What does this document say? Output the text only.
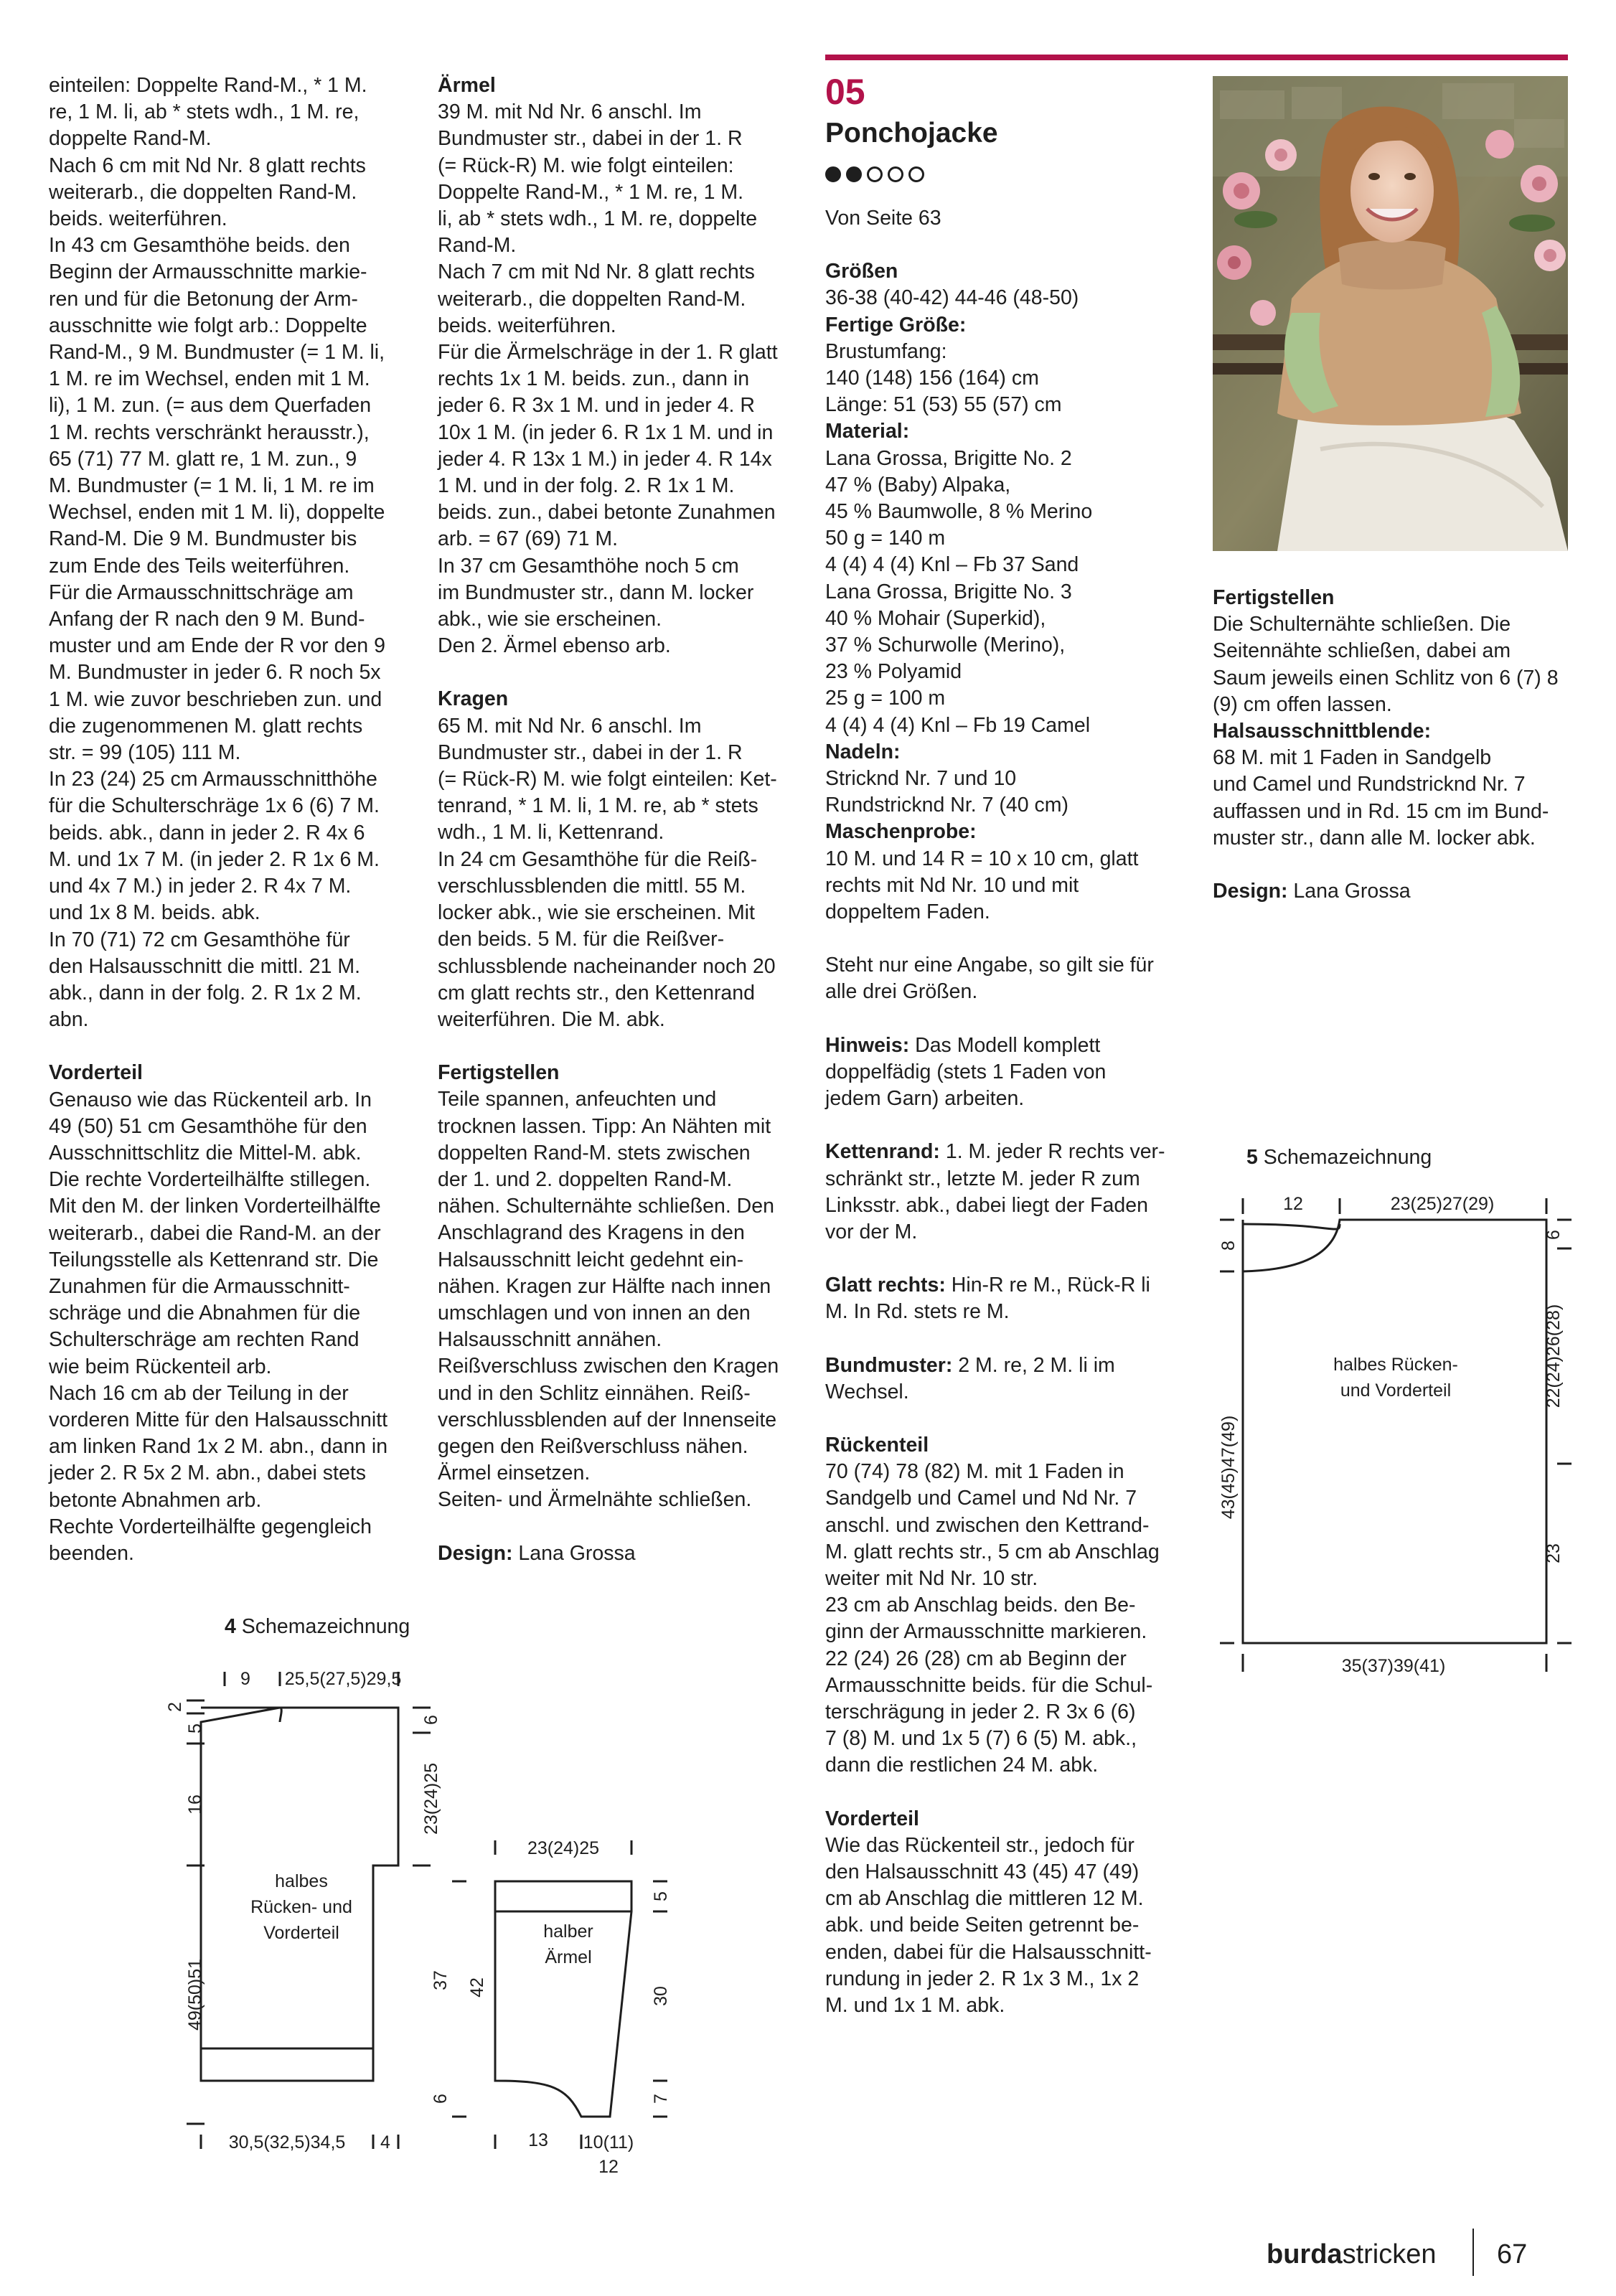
einteilen: Doppelte Rand-M., * 1 M.

re, 1 M. li, ab * stets wdh., 1 M. re,

doppelte Rand-M.

Nach 6 cm mit Nd Nr. 8 glatt rechts

weiterarb., die doppelten Rand-M.

beids. weiterführen.

In 43 cm Gesamthöhe beids. den

Beginn der Armausschnitte markie-

ren und für die Betonung der Arm-

ausschnitte wie folgt arb.: Doppelte

Rand-M., 9 M. Bundmuster (= 1 M. li,

1 M. re im Wechsel, enden mit 1 M.

li), 1 M. zun. (= aus dem Querfaden

1 M. rechts verschränkt herausstr.),

65 (71) 77 M. glatt re, 1 M. zun., 9

M. Bundmuster (= 1 M. li, 1 M. re im

Wechsel, enden mit 1 M. li), doppelte

Rand-M. Die 9 M. Bundmuster bis

zum Ende des Teils weiterführen.

Für die Armausschnittschräge am

Anfang der R nach den 9 M. Bund-

muster und am Ende der R vor den 9

M. Bundmuster in jeder 6. R noch 5x

1 M. wie zuvor beschrieben zun. und

die zugenommenen M. glatt rechts

str. = 99 (105) 111 M.

In 23 (24) 25 cm Armausschnitthöhe

für die Schulterschräge 1x 6 (6) 7 M.

beids. abk., dann in jeder 2. R 4x 6

M. und 1x 7 M. (in jeder 2. R 1x 6 M.

und 4x 7 M.) in jeder 2. R 4x 7 M.

und 1x 8 M. beids. abk.

In 70 (71) 72 cm Gesamthöhe für

den Halsausschnitt die mittl. 21 M.

abk., dann in der folg. 2. R 1x 2 M.

abn.

Vorderteil

Genauso wie das Rückenteil arb. In

49 (50) 51 cm Gesamthöhe für den

Ausschnittschlitz die Mittel-M. abk.

Die rechte Vorderteilhälfte stillegen.

Mit den M. der linken Vorderteilhälfte

weiterarb., dabei die Rand-M. an der

Teilungsstelle als Kettenrand str. Die

Zunahmen für die Armausschnitt-

schräge und die Abnahmen für die

Schulterschräge am rechten Rand

wie beim Rückenteil arb.

Nach 16 cm ab der Teilung in der

vorderen Mitte für den Halsausschnitt

am linken Rand 1x 2 M. abn., dann in

jeder 2. R 5x 2 M. abn., dabei stets

betonte Abnahmen arb.

Rechte Vorderteilhälfte gegengleich

beenden.

Ärmel

39 M. mit Nd Nr. 6 anschl. Im

Bundmuster str., dabei in der 1. R

(= Rück-R) M. wie folgt einteilen:

Doppelte Rand-M., * 1 M. re, 1 M.

li, ab * stets wdh., 1 M. re, doppelte

Rand-M.

Nach 7 cm mit Nd Nr. 8 glatt rechts

weiterarb., die doppelten Rand-M.

beids. weiterführen.

Für die Ärmelschräge in der 1. R glatt

rechts 1x 1 M. beids. zun., dann in

jeder 6. R 3x 1 M. und in jeder 4. R

10x 1 M. (in jeder 6. R 1x 1 M. und in

jeder 4. R 13x 1 M.) in jeder 4. R 14x

1 M. und in der folg. 2. R 1x 1 M.

beids. zun., dabei betonte Zunahmen

arb. = 67 (69) 71 M.

In 37 cm Gesamthöhe noch 5 cm

im Bundmuster str., dann M. locker

abk., wie sie erscheinen.

Den 2. Ärmel ebenso arb.

Kragen

65 M. mit Nd Nr. 6 anschl. Im

Bundmuster str., dabei in der 1. R

(= Rück-R) M. wie folgt einteilen: Ket-

tenrand, * 1 M. li, 1 M. re, ab * stets

wdh., 1 M. li, Kettenrand.

In 24 cm Gesamthöhe für die Reiß-

verschlussblenden die mittl. 55 M.

locker abk., wie sie erscheinen. Mit

den beids. 5 M. für die Reißver-

schlussblende nacheinander noch 20

cm glatt rechts str., den Kettenrand

weiterführen. Die M. abk.

Fertigstellen

Teile spannen, anfeuchten und

trocknen lassen. Tipp: An Nähten mit

doppelten Rand-M. stets zwischen

der 1. und 2. doppelten Rand-M.

nähen. Schulternähte schließen. Den

Anschlagrand des Kragens in den

Halsausschnitt leicht gedehnt ein-

nähen. Kragen zur Hälfte nach innen

umschlagen und von innen an den

Halsausschnitt annähen.

Reißverschluss zwischen den Kragen

und in den Schlitz einnähen. Reiß-

verschlussblenden auf der Innenseite

gegen den Reißverschluss nähen.

Ärmel einsetzen.

Seiten- und Ärmelnähte schließen.

Design: Lana Grossa

05
Ponchojacke

Von Seite 63

Größen

36-38 (40-42) 44-46 (48-50)

Fertige Größe:

Brustumfang:

140 (148) 156 (164) cm

Länge: 51 (53) 55 (57) cm

Material:

Lana Grossa, Brigitte No. 2

47 % (Baby) Alpaka,

45 % Baumwolle, 8 % Merino

50 g = 140 m

4 (4) 4 (4) Knl – Fb 37 Sand

Lana Grossa, Brigitte No. 3

40 % Mohair (Superkid),

37 % Schurwolle (Merino),

23 % Polyamid

25 g = 100 m

4 (4) 4 (4) Knl – Fb 19 Camel

Nadeln:

Stricknd Nr. 7 und 10

Rundstricknd Nr. 7 (40 cm)

Maschenprobe:

10 M. und 14 R = 10 x 10 cm, glatt

rechts mit Nd Nr. 10 und mit

doppeltem Faden.

Steht nur eine Angabe, so gilt sie für

alle drei Größen.

Hinweis: Das Modell komplett

doppelfädig (stets 1 Faden von

jedem Garn) arbeiten.

Kettenrand: 1. M. jeder R rechts ver-

schränkt str., letzte M. jeder R zum

Linksstr. abk., dabei liegt der Faden

vor der M.

Glatt rechts: Hin-R re M., Rück-R li

M. In Rd. stets re M.

Bundmuster: 2 M. re, 2 M. li im

Wechsel.

Rückenteil

70 (74) 78 (82) M. mit 1 Faden in

Sandgelb und Camel und Nd Nr. 7

anschl. und zwischen den Kettrand-

M. glatt rechts str., 5 cm ab Anschlag

weiter mit Nd Nr. 10 str.

23 cm ab Anschlag beids. den Be-

ginn der Armausschnitte markieren.

22 (24) 26 (28) cm ab Beginn der

Armausschnitte beids. für die Schul-

terschrägung in jeder 2. R 3x 6 (6)

7 (8) M. und 1x 5 (7) 6 (5) M. abk.,

dann die restlichen 24 M. abk.

Vorderteil

Wie das Rückenteil str., jedoch für

den Halsausschnitt 43 (45) 47 (49)

cm ab Anschlag die mittleren 12 M.

abk. und beide Seiten getrennt be-

enden, dabei für die Halsausschnitt-

rundung in jeder 2. R 1x 3 M., 1x 2

M. und 1x 1 M. abk.

Fertigstellen

Die Schulternähte schließen. Die

Seitennähte schließen, dabei am

Saum jeweils einen Schlitz von 6 (7) 8

(9) cm offen lassen.

Halsausschnittblende:

68 M. mit 1 Faden in Sandgelb

und Camel und Rundstricknd Nr. 7

auffassen und in Rd. 15 cm im Bund-

muster str., dann alle M. locker abk.

Design: Lana Grossa

4 Schemazeichnung
9 25,5(27,5)29,5
2
5
16
49(50)51
6
23(24)25
halbes
Rücken- und
Vorderteil
30,5(32,5)34,5 4
23(24)25
5
37 42
6
30
7
halber
Ärmel
13 10(11)
12
5 Schemazeichnung
12	23(25)27(29)
8
43(45)47(49)
6
22(24)26(28)
23
halbes Rücken-
und Vorderteil
35(37)39(41)
burdastricken 67
